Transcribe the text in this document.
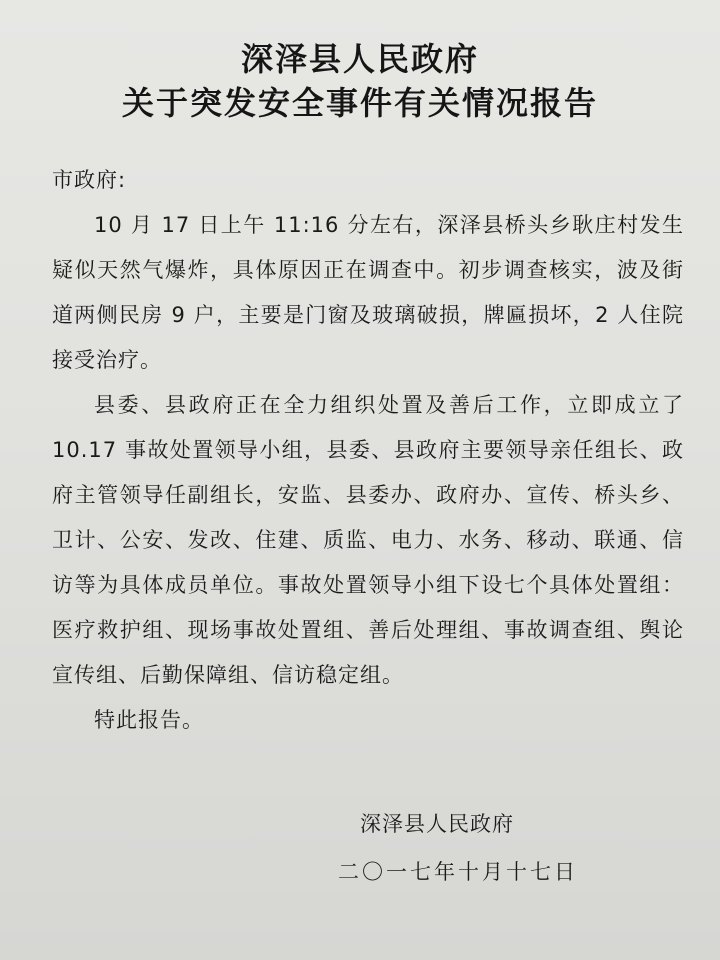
深泽县人民政府
关于突发安全事件有关情况报告

市政府:

10 月 17 日上午 11:16 分左右，深泽县桥头乡耿庄村发生疑似天然气爆炸，具体原因正在调查中。初步调查核实，波及街道两侧民房 9 户，主要是门窗及玻璃破损，牌匾损坏，2 人住院接受治疗。

县委、县政府正在全力组织处置及善后工作，立即成立了 10.17 事故处置领导小组，县委、县政府主要领导亲任组长、政府主管领导任副组长，安监、县委办、政府办、宣传、桥头乡、卫计、公安、发改、住建、质监、电力、水务、移动、联通、信访等为具体成员单位。事故处置领导小组下设七个具体处置组：医疗救护组、现场事故处置组、善后处理组、事故调查组、舆论宣传组、后勤保障组、信访稳定组。

特此报告。

深泽县人民政府
二〇一七年十月十七日
